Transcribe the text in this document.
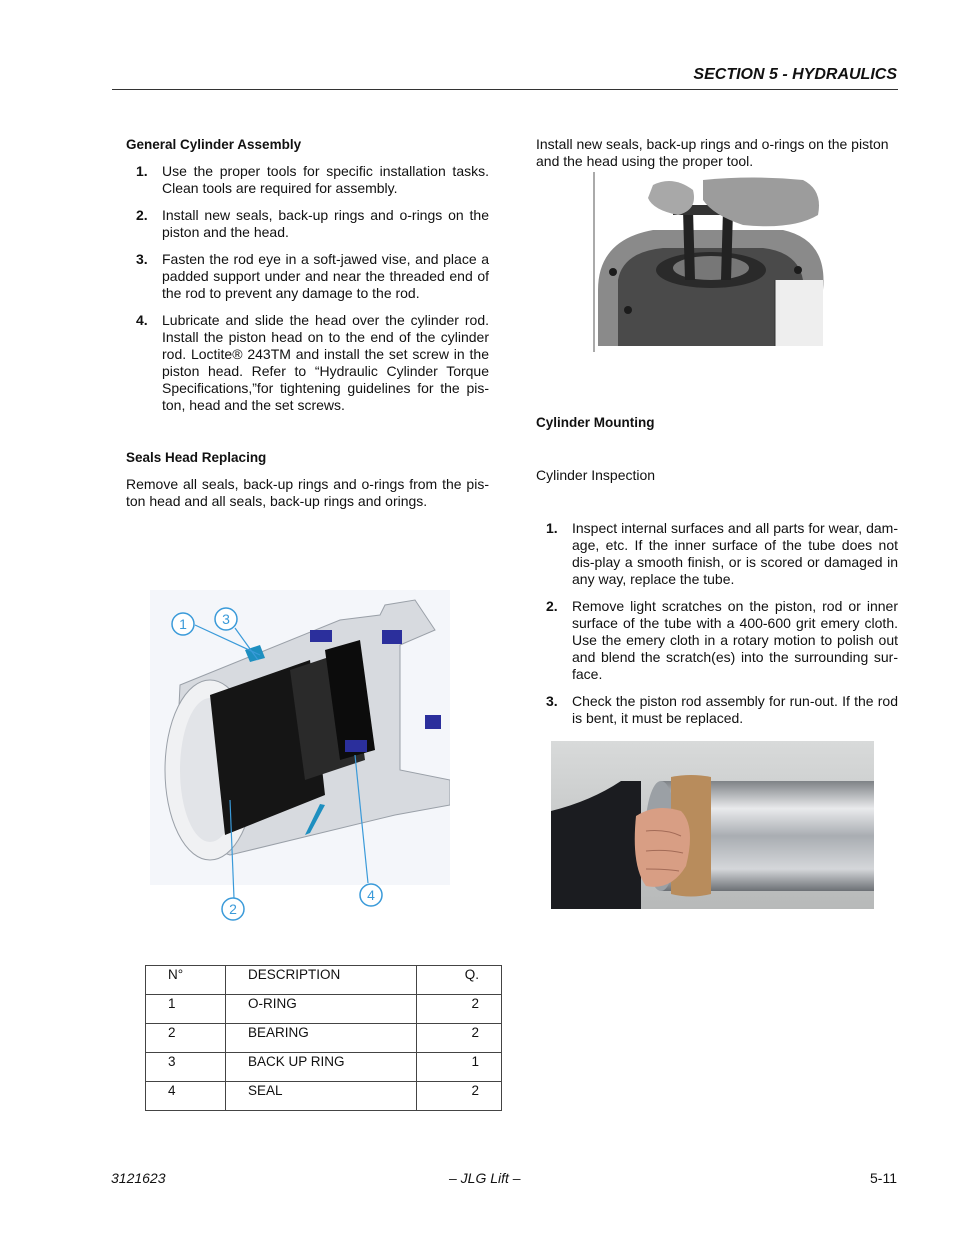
SECTION 5 - HYDRAULICS
General Cylinder Assembly
1. Use the proper tools for specific installation tasks. Clean tools are required for assembly.
2. Install new seals, back-up rings and o-rings on the piston and the head.
3. Fasten the rod eye in a soft-jawed vise, and place a padded support under and near the threaded end of the rod to prevent any damage to the rod.
4. Lubricate and slide the head over the cylinder rod. Install the piston head on to the end of the cylinder rod. Loctite® 243TM and install the set screw in the piston head. Refer to “Hydraulic Cylinder Torque Specifications,”for tightening guidelines for the pis-ton, head and the set screws.
Seals Head Replacing

Remove all seals, back-up rings and o-rings from the pis-ton head and all seals, back-up rings and orings.

1	3
2
4
N°	DESCRIPTION	Q.
1	O-RING	2
2	BEARING	2
3	BACK UP RING	1
4	SEAL	2

Install new seals, back-up rings and o-rings on the piston and the head using the proper tool.

Cylinder Mounting

Cylinder Inspection

1. Inspect internal surfaces and all parts for wear, dam-age, etc. If the inner surface of the tube does not dis-play a smooth finish, or is scored or damaged in any way, replace the tube.
2. Remove light scratches on the piston, rod or inner surface of the tube with a 400-600 grit emery cloth. Use the emery cloth in a rotary motion to polish out and blend the scratch(es) into the surrounding sur-face.
3. Check the piston rod assembly for run-out. If the rod is bent, it must be replaced.
3121623	– JLG Lift –	5-11
